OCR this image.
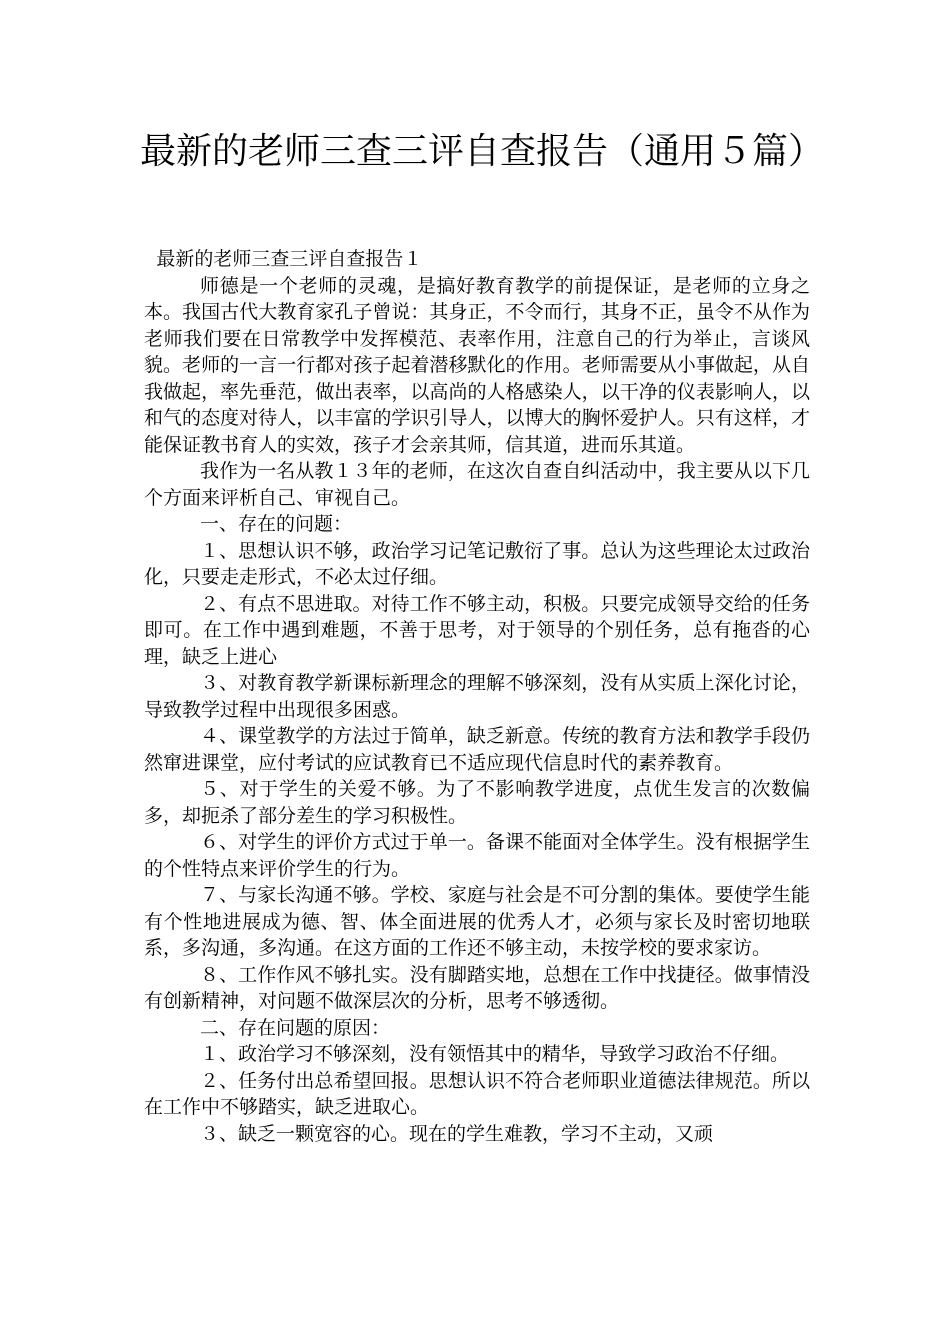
最新的老师三查三评自查报告（通用５篇）

最新的老师三查三评自查报告１

师德是一个老师的灵魂，是搞好教育教学的前提保证，是老师的立身之本。我国古代大教育家孔子曾说：其身正，不令而行，其身不正，虽令不从作为老师我们要在日常教学中发挥模范、表率作用，注意自己的行为举止，言谈风貌。老师的一言一行都对孩子起着潜移默化的作用。老师需要从小事做起，从自我做起，率先垂范，做出表率，以高尚的人格感染人，以干净的仪表影响人，以和气的态度对待人，以丰富的学识引导人，以博大的胸怀爱护人。只有这样，才能保证教书育人的实效，孩子才会亲其师，信其道，进而乐其道。

我作为一名从教１３年的老师，在这次自查自纠活动中，我主要从以下几个方面来评析自己、审视自己。

一、存在的问题：

１、思想认识不够，政治学习记笔记敷衍了事。总认为这些理论太过政治化，只要走走形式，不必太过仔细。

２、有点不思进取。对待工作不够主动，积极。只要完成领导交给的任务即可。在工作中遇到难题，不善于思考，对于领导的个别任务，总有拖沓的心理，缺乏上进心

３、对教育教学新课标新理念的理解不够深刻，没有从实质上深化讨论，导致教学过程中出现很多困惑。

４、课堂教学的方法过于简单，缺乏新意。传统的教育方法和教学手段仍然窜进课堂，应付考试的应试教育已不适应现代信息时代的素养教育。

５、对于学生的关爱不够。为了不影响教学进度，点优生发言的次数偏多，却扼杀了部分差生的学习积极性。

６、对学生的评价方式过于单一。备课不能面对全体学生。没有根据学生的个性特点来评价学生的行为。

７、与家长沟通不够。学校、家庭与社会是不可分割的集体。要使学生能有个性地进展成为德、智、体全面进展的优秀人才，必须与家长及时密切地联系，多沟通，多沟通。在这方面的工作还不够主动，未按学校的要求家访。

８、工作作风不够扎实。没有脚踏实地，总想在工作中找捷径。做事情没有创新精神，对问题不做深层次的分析，思考不够透彻。

二、存在问题的原因：

１、政治学习不够深刻，没有领悟其中的精华，导致学习政治不仔细。

２、任务付出总希望回报。思想认识不符合老师职业道德法律规范。所以在工作中不够踏实，缺乏进取心。

３、缺乏一颗宽容的心。现在的学生难教，学习不主动，又顽
